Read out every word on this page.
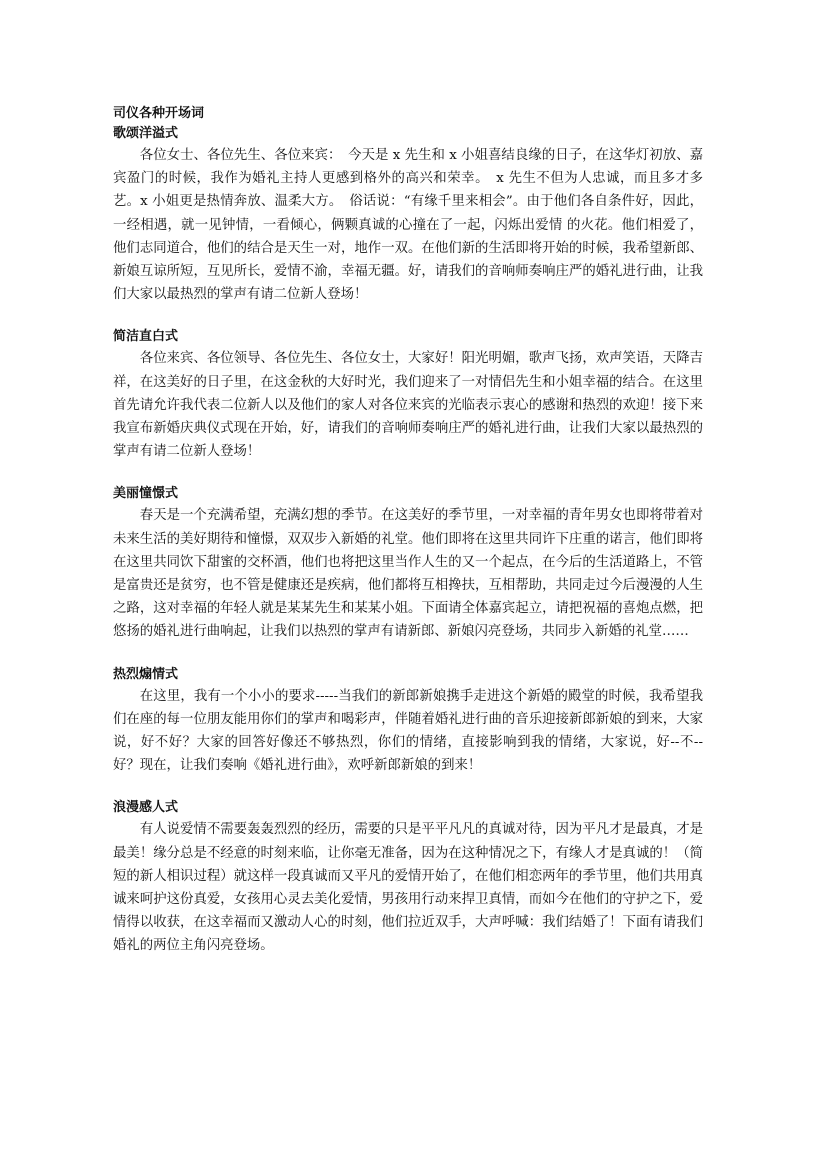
司仪各种开场词
歌颂洋溢式

各位女士、各位先生、各位来宾：　今天是 x 先生和 x 小姐喜结良缘的日子，在这华灯初放、嘉宾盈门的时候，我作为婚礼主持人更感到格外的高兴和荣幸。　x 先生不但为人忠诚，而且多才多艺。x 小姐更是热情奔放、温柔大方。　俗话说：“有缘千里来相会”。由于他们各自条件好，因此，一经相遇，就一见钟情，一看倾心，俩颗真诚的心撞在了一起，闪烁出爱情 的火花。他们相爱了，他们志同道合，他们的结合是天生一对，地作一双。在他们新的生活即将开始的时候，我希望新郎、新娘互谅所短，互见所长，爱情不渝，幸福无疆。好，请我们的音响师奏响庄严的婚礼进行曲，让我们大家以最热烈的掌声有请二位新人登场！

简洁直白式

各位来宾、各位领导、各位先生、各位女士，大家好！阳光明媚，歌声飞扬，欢声笑语，天降吉祥，在这美好的日子里，在这金秋的大好时光，我们迎来了一对情侣先生和小姐幸福的结合。在这里首先请允许我代表二位新人以及他们的家人对各位来宾的光临表示衷心的感谢和热烈的欢迎！接下来我宣布新婚庆典仪式现在开始，好，请我们的音响师奏响庄严的婚礼进行曲，让我们大家以最热烈的掌声有请二位新人登场！

美丽憧憬式

春天是一个充满希望，充满幻想的季节。在这美好的季节里，一对幸福的青年男女也即将带着对未来生活的美好期待和憧憬，双双步入新婚的礼堂。他们即将在这里共同许下庄重的诺言，他们即将在这里共同饮下甜蜜的交杯酒，他们也将把这里当作人生的又一个起点，在今后的生活道路上，不管是富贵还是贫穷，也不管是健康还是疾病，他们都将互相搀扶，互相帮助，共同走过今后漫漫的人生之路，这对幸福的年轻人就是某某先生和某某小姐。下面请全体嘉宾起立，请把祝福的喜炮点燃，把悠扬的婚礼进行曲响起，让我们以热烈的掌声有请新郎、新娘闪亮登场，共同步入新婚的礼堂……

热烈煽情式

在这里，我有一个小小的要求-----当我们的新郎新娘携手走进这个新婚的殿堂的时候，我希望我们在座的每一位朋友能用你们的掌声和喝彩声，伴随着婚礼进行曲的音乐迎接新郎新娘的到来，大家说，好不好？大家的回答好像还不够热烈，你们的情绪，直接影响到我的情绪，大家说，好--不--好？现在，让我们奏响《婚礼进行曲》，欢呼新郎新娘的到来！

浪漫感人式

有人说爱情不需要轰轰烈烈的经历，需要的只是平平凡凡的真诚对待，因为平凡才是最真，才是最美！缘分总是不经意的时刻来临，让你毫无准备，因为在这种情况之下，有缘人才是真诚的！（简短的新人相识过程）就这样一段真诚而又平凡的爱情开始了，在他们相恋两年的季节里，他们共用真诚来呵护这份真爱，女孩用心灵去美化爱情，男孩用行动来捍卫真情，而如今在他们的守护之下，爱情得以收获，在这幸福而又激动人心的时刻，他们拉近双手，大声呼喊：我们结婚了！下面有请我们婚礼的两位主角闪亮登场。
